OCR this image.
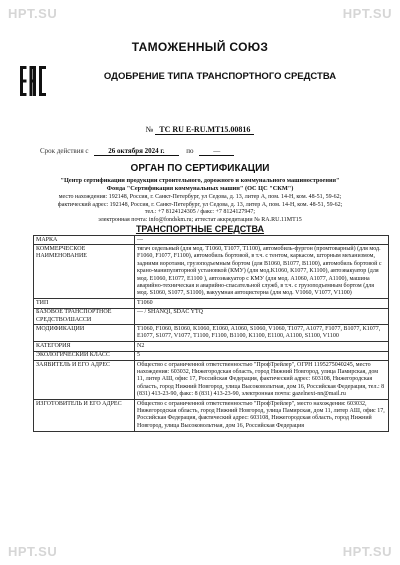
HPT.SU	HPT.SU
HPT.SU	HPT.SU
ТАМОЖЕННЫЙ СОЮЗ
ОДОБРЕНИЕ ТИПА ТРАНСПОРТНОГО СРЕДСТВА
№ TC RU E-RU.MT15.00816
Срок действия с	26 октября 2024 г.	по	—
ОРГАН ПО СЕРТИФИКАЦИИ
"Центр сертификации продукции строительного, дорожного и коммунального машиностроения"
Фонда "Сертификация коммунальных машин" (ОС ЦС "СКМ")
место нахождения: 192148, Россия, г. Санкт-Петербург, ул Седова, д. 13, литер А, пом. 14-Н, ком. 48-51, 59-62;
фактический адрес: 192148, Россия, г. Санкт-Петербург, ул Седова, д. 13, литер А, пом. 14-Н, ком. 48-51, 59-62;
тел.: +7 8124124305 / факс: +7 8124127947;
электронная почта: info@fondskm.ru; аттестат аккредитации № RA.RU.11MT15
ТРАНСПОРТНЫЕ СРЕДСТВА
МАРКА	—
КОММЕРЧЕСКОЕ НАИМЕНОВАНИЕ	тягач седельный (для мод. T1060, T1077, T1100), автомобиль-фургон (промтоварный) (для мод. F1060, F1077, F1100), автомобиль бортовой, в т.ч. с тентом, каркасом, шторным механизмом, задними воротами, грузоподъемным бортом (для B1060, B1077, B1100), автомобиль бортовой с крано-манипуляторной установкой (КМУ) (для мод.K1060, K1077, K1100), автоэвакуатор (для мод. E1060, E1077, E1100 ), автоэвакуатор с КМУ (для мод. A1060, A1077, A1100), машина аварийно-техническая и аварийно-спасательной служб, в т.ч. с грузоподъемным бортом (для мод. S1060, S1077, S1100), вакуумная автоцистерна (для мод. V1060, V1077, V1100)
ТИП	T1060
БАЗОВОЕ ТРАНСПОРТНОЕ СРЕДСТВО/ШАССИ	— / SHANQI, SDAC YTQ
МОДИФИКАЦИИ	T1060, F1060, B1060, K1060, E1060, A1060, S1060, V1060, T1077, A1077, F1077, B1077, K1077, E1077, S1077, V1077, T1100, F1100, B1100, K1100, E1100, A1100, S1100, V1100
КАТЕГОРИЯ	N2
ЭКОЛОГИЧЕСКИЙ КЛАСС	5
ЗАЯВИТЕЛЬ И ЕГО АДРЕС	Общество с ограниченной ответственностью "ПрофТрейлер", ОГРН 1195275040245, место нахождения: 603032, Нижегородская область, город Нижний Новгород, улица Памирская, дом 11, литер АШ, офис 17, Российская Федерация, фактический адрес: 603108, Нижегородская область, город Нижний Новгород, улица Высоковольтная, дом 16, Российская Федерация, тел.: 8 (831) 413-23-90, факс: 8 (831) 413-23-90, электронная почта: gazelnext-nn@mail.ru
ИЗГОТОВИТЕЛЬ И ЕГО АДРЕС	Общество с ограниченной ответственностью "ПрофТрейлер", место нахождения: 603032, Нижегородская область, город Нижний Новгород, улица Памирская, дом 11, литер АШ, офис 17, Российская Федерация, фактический адрес: 603108, Нижегородская область, город Нижний Новгород, улица Высоковольтная, дом 16, Российская Федерация
